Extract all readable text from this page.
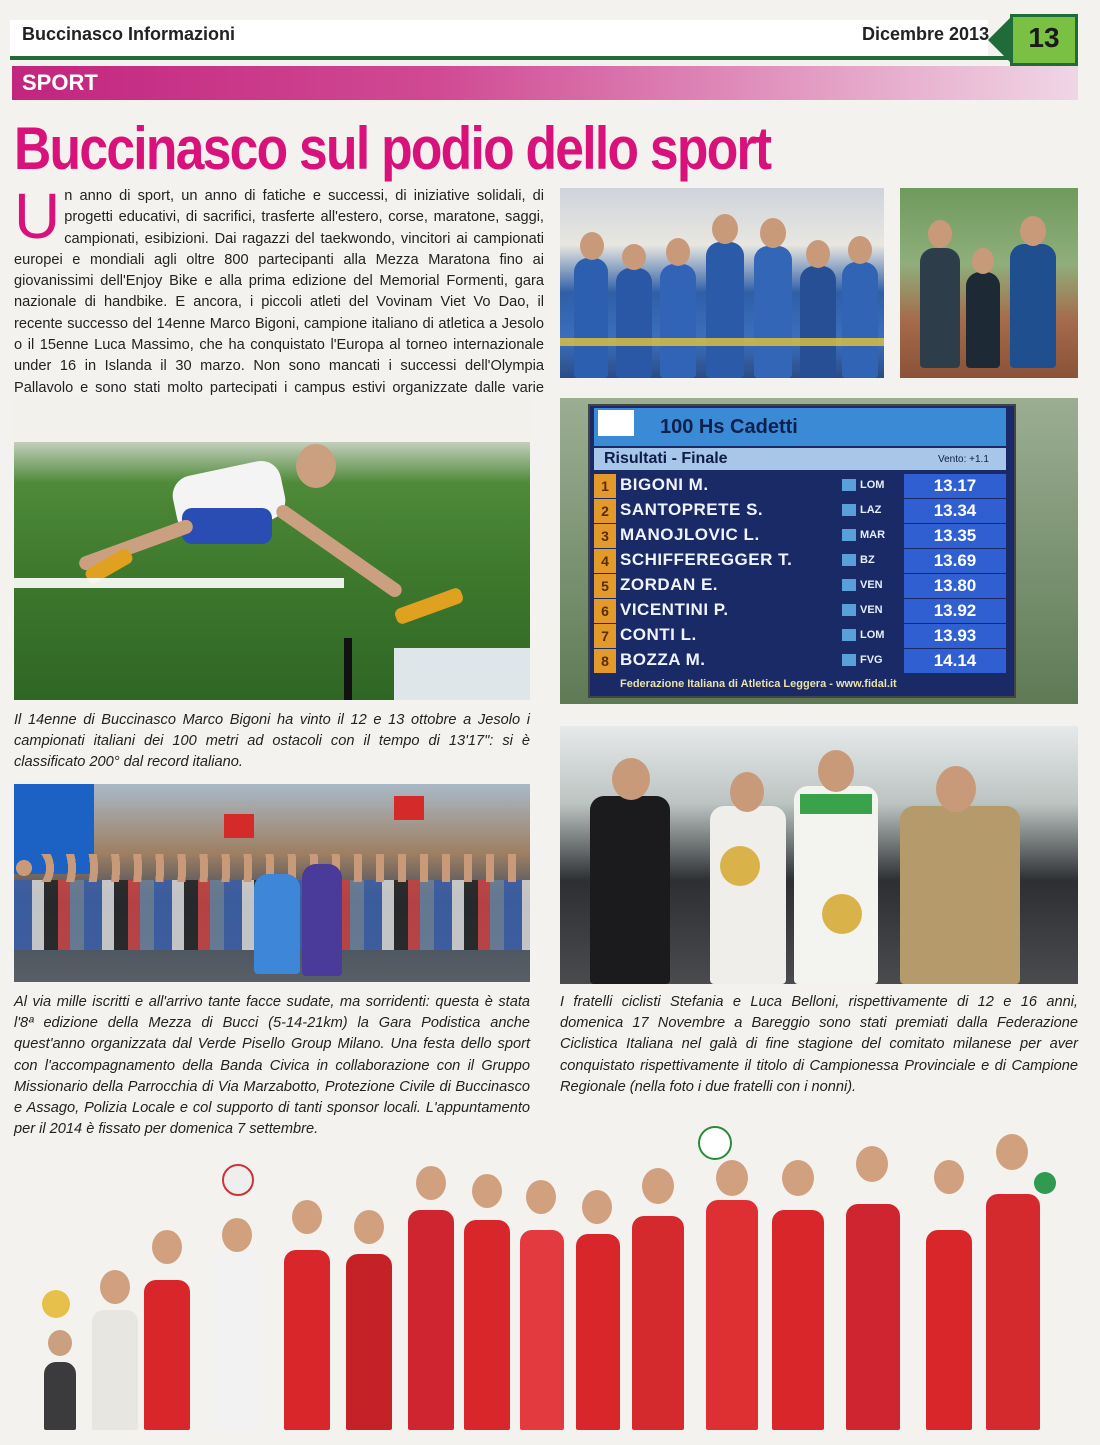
Buccinasco Informazioni	Dicembre 2013	13
SPORT
Buccinasco sul podio dello sport
Un anno di sport, un anno di fatiche e successi, di iniziative solidali, di progetti educativi, di sacrifici, trasferte all'estero, corse, maratone, saggi, campionati, esibizioni. Dai ragazzi del taekwondo, vincitori ai campionati europei e mondiali agli oltre 800 partecipanti alla Mezza Maratona fino ai giovanissimi dell'Enjoy Bike e alla prima edizione del Memorial Formenti, gara nazionale di handbike. E ancora, i piccoli atleti del Vovinam Viet Vo Dao, il recente successo del 14enne Marco Bigoni, campione italiano di atletica a Jesolo o il 15enne Luca Massimo, che ha conquistato l'Europa al torneo internazionale under 16 in Islanda il 30 marzo. Non sono mancati i successi dell'Olympia Pallavolo e sono stati molto partecipati i campus estivi organizzate dalle varie
100 Hs Cadetti
Risultati - Finale	Vento: +1.1
1 BIGONI M.	LOM	13.17
2 SANTOPRETE S.	LAZ	13.34
3 MANOJLOVIC L.	MAR	13.35
4 SCHIFFEREGGER T.	BZ	13.69
5 ZORDAN E.	VEN	13.80
6 VICENTINI P.	VEN	13.92
7 CONTI L.	LOM	13.93
8 BOZZA M.	FVG	14.14
Federazione Italiana di Atletica Leggera - www.fidal.it
Il 14enne di Buccinasco Marco Bigoni ha vinto il 12 e 13 ottobre a Jesolo i campionati italiani dei 100 metri ad ostacoli con il tempo di 13'17": si è classificato 200° dal record italiano.
Al via mille iscritti e all'arrivo tante facce sudate, ma sorridenti: questa è stata l'8ª edizione della Mezza di Bucci (5-14-21km) la Gara Podistica anche quest'anno organizzata dal Verde Pisello Group Milano. Una festa dello sport con l'accompagnamento della Banda Civica in collaborazione con il Gruppo Missionario della Parrocchia di Via Marzabotto, Protezione Civile di Buccinasco e Assago, Polizia Locale e col supporto di tanti sponsor locali. L'appuntamento per il 2014 è fissato per domenica 7 settembre.
I fratelli ciclisti Stefania e Luca Belloni, rispettivamente di 12 e 16 anni, domenica 17 Novembre a Bareggio sono stati premiati dalla Federazione Ciclistica Italiana nel galà di fine stagione del comitato milanese per aver conquistato rispettivamente il titolo di Campionessa Provinciale e di Campione Regionale (nella foto i due fratelli con i nonni).
